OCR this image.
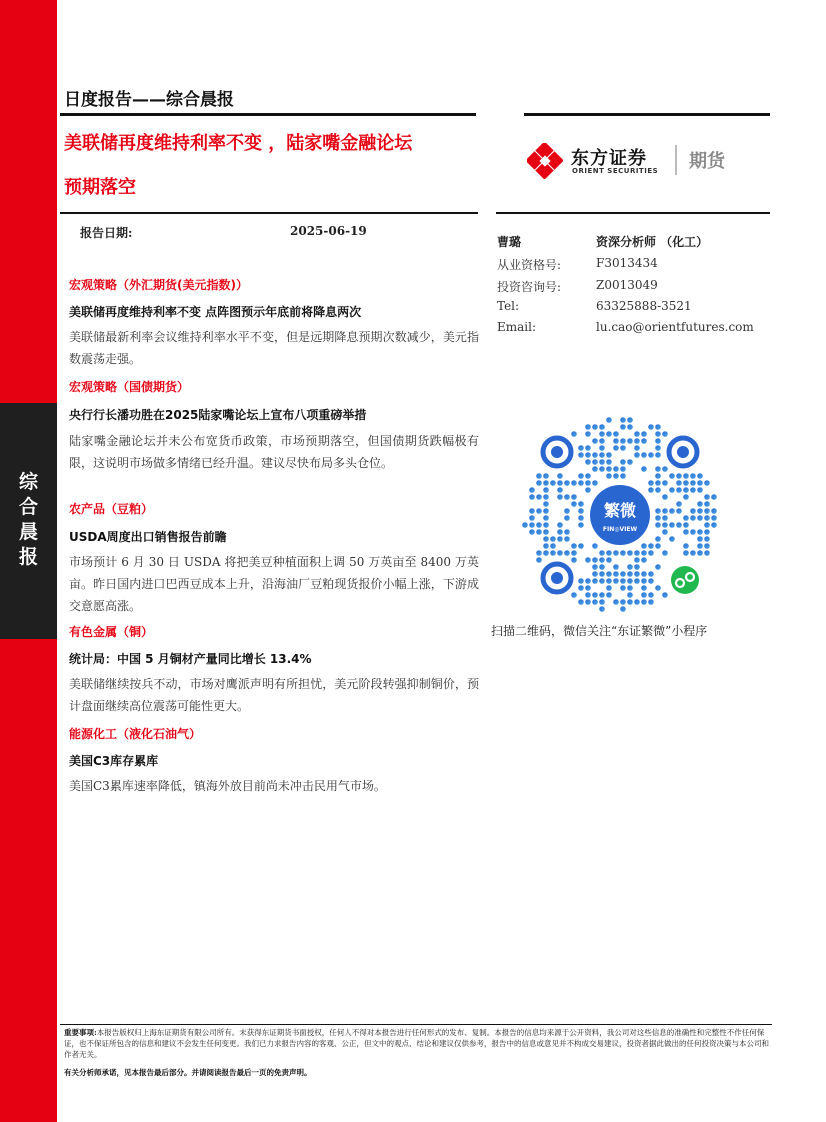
综
合
晨
报
日度报告——综合晨报
美联储再度维持利率不变 ，陆家嘴金融论坛
预期落空
东方证券
ORIENT SECURITIES 期货
报告日期:	2025-06-19
曹璐	资深分析师 （化工）
从业资格号:	F3013434
投资咨询号:	Z0013049
Tel:	63325888-3521
Email:	lu.cao@orientfutures.com
宏观策略（外汇期货(美元指数)）
美联储再度维持利率不变 点阵图预示年底前将降息两次
美联储最新利率会议维持利率水平不变，但是远期降息预期次数减少，美元指数震荡走强。
宏观策略（国债期货）
央行行长潘功胜在2025陆家嘴论坛上宣布八项重磅举措
陆家嘴金融论坛并未公布宽货币政策，市场预期落空，但国债期货跌幅极有限，这说明市场做多情绪已经升温。建议尽快布局多头仓位。
农产品（豆粕）
USDA周度出口销售报告前瞻
市场预计 6 月 30 日 USDA 将把美豆种植面积上调 50 万英亩至 8400 万英亩。昨日国内进口巴西豆成本上升，沿海油厂豆粕现货报价小幅上涨，下游成交意愿高涨。
有色金属（铜）
统计局：中国 5 月铜材产量同比增长 13.4%
美联储继续按兵不动，市场对鹰派声明有所担忧，美元阶段转强抑制铜价，预计盘面继续高位震荡可能性更大。
能源化工（液化石油气）
美国C3库存累库
美国C3累库速率降低，镇海外放目前尚未冲击民用气市场。
繁微
FIN◎VIEW
扫描二维码，微信关注“东证繁微”小程序
重要事项:本报告版权归上海东证期货有限公司所有。未获得东证期货书面授权，任何人不得对本报告进行任何形式的发布、复制。本报告的信息均来源于公开资料，我公司对这些信息的准确性和完整性不作任何保证，也不保证所包含的信息和建议不会发生任何变更。我们已力求报告内容的客观、公正，但文中的观点、结论和建议仅供参考，报告中的信息或意见并不构成交易建议，投资者据此做出的任何投资决策与本公司和作者无关。
有关分析师承诺，见本报告最后部分。并请阅读报告最后一页的免责声明。
